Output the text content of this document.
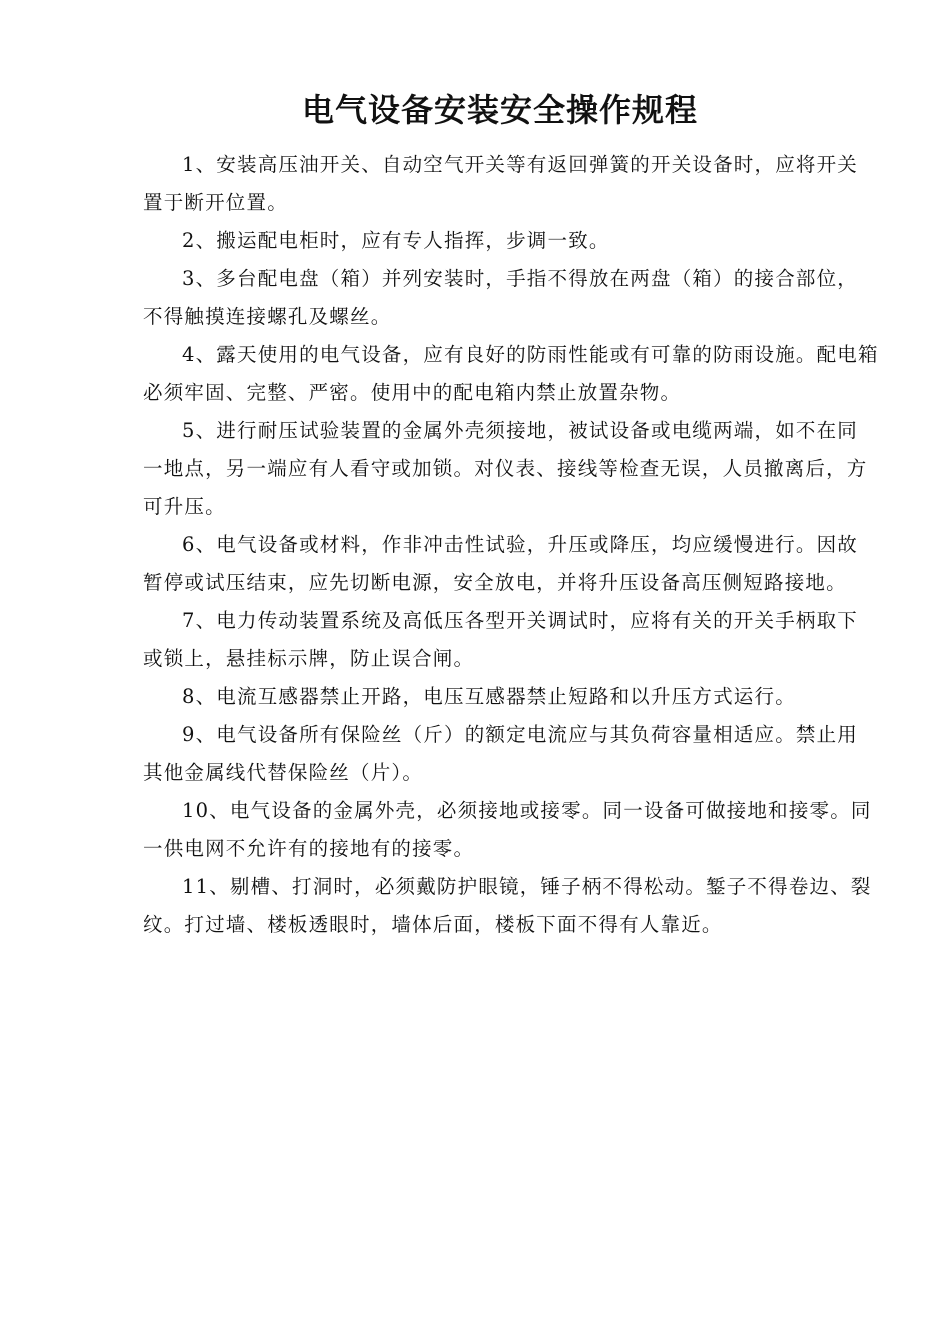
电气设备安装安全操作规程

1、安装高压油开关、自动空气开关等有返回弹簧的开关设备时，应将开关 置于断开位置。

2、搬运配电柜时，应有专人指挥，步调一致。

3、多台配电盘（箱）并列安装时，手指不得放在两盘（箱）的接合部位，  不得触摸连接螺孔及螺丝。

4、露天使用的电气设备，应有良好的防雨性能或有可靠的防雨设施。配电箱必须牢固、完整、严密。使用中的配电箱内禁止放置杂物。

5、进行耐压试验装置的金属外壳须接地，被试设备或电缆两端，如不在同 一地点，另一端应有人看守或加锁。对仪表、接线等检查无误，人员撤离后，方 可升压。

6、电气设备或材料，作非冲击性试验，升压或降压，均应缓慢进行。因故 暂停或试压结束，应先切断电源，安全放电，并将升压设备高压侧短路接地。

7、电力传动装置系统及高低压各型开关调试时，应将有关的开关手柄取下 或锁上，悬挂标示牌，防止误合闸。

8、电流互感器禁止开路，电压互感器禁止短路和以升压方式运行。

9、电气设备所有保险丝（斤）的额定电流应与其负荷容量相适应。禁止用 其他金属线代替保险丝（片）。

10、电气设备的金属外壳，必须接地或接零。同一设备可做接地和接零。同 一供电网不允许有的接地有的接零。

11、剔槽、打洞时，必须戴防护眼镜，锤子柄不得松动。錾子不得卷边、裂 纹。打过墙、楼板透眼时，墙体后面，楼板下面不得有人靠近。
